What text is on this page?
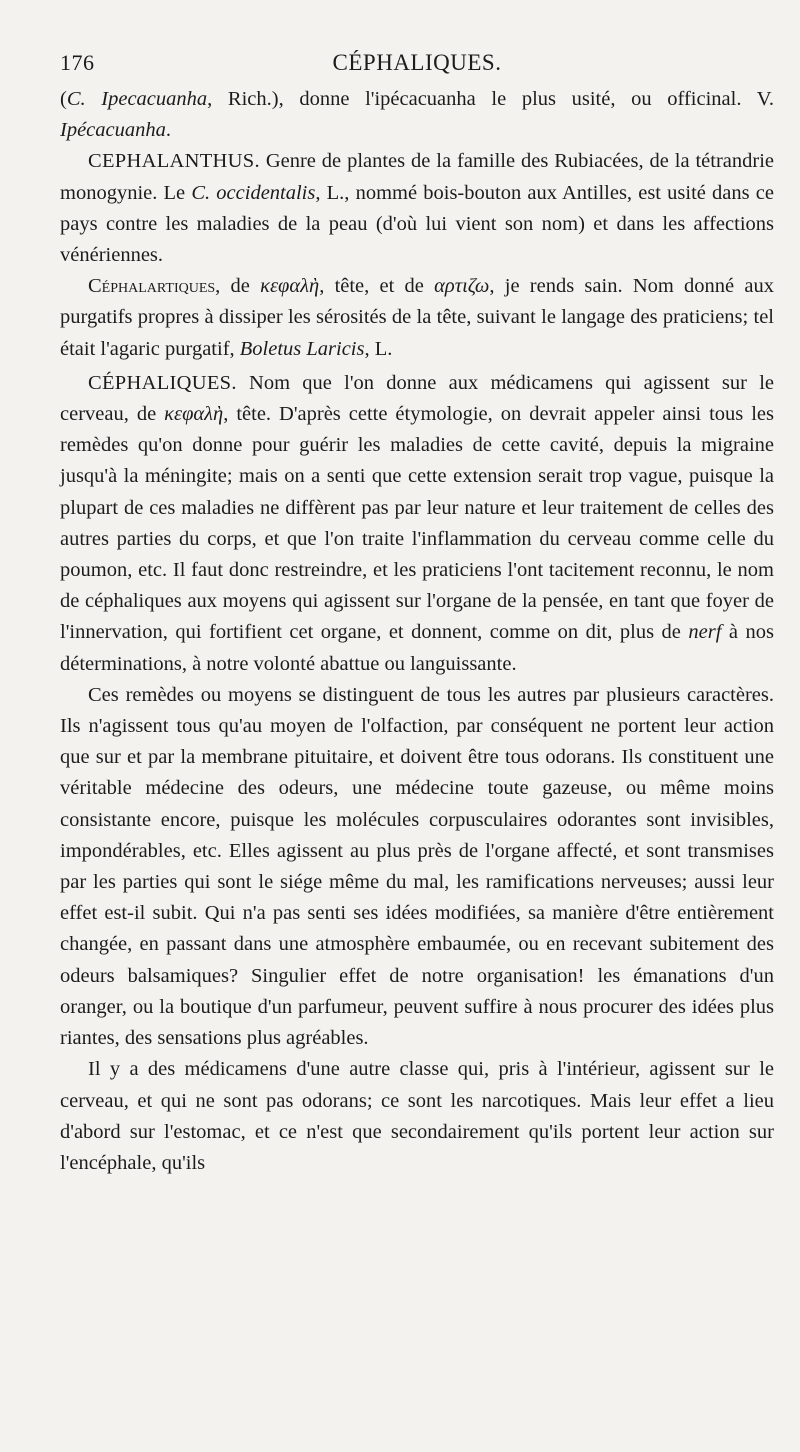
176	CÉPHALIQUES.

(C. Ipecacuanha, Rich.), donne l'ipécacuanha le plus usité, ou officinal. V. Ipécacuanha.

CEPHALANTHUS. Genre de plantes de la famille des Rubiacées, de la tétrandrie monogynie. Le C. occidentalis, L., nommé bois-bouton aux Antilles, est usité dans ce pays contre les maladies de la peau (d'où lui vient son nom) et dans les affections vénériennes.

Céphalartiques, de κεφαλὴ, tête, et de αρτιζω, je rends sain. Nom donné aux purgatifs propres à dissiper les sérosités de la tête, suivant le langage des praticiens; tel était l'agaric purgatif, Boletus Laricis, L.

CÉPHALIQUES. Nom que l'on donne aux médicamens qui agissent sur le cerveau, de κεφαλὴ, tête. D'après cette étymologie, on devrait appeler ainsi tous les remèdes qu'on donne pour guérir les maladies de cette cavité, depuis la migraine jusqu'à la méningite; mais on a senti que cette extension serait trop vague, puisque la plupart de ces maladies ne diffèrent pas par leur nature et leur traitement de celles des autres parties du corps, et que l'on traite l'inflammation du cerveau comme celle du poumon, etc. Il faut donc restreindre, et les praticiens l'ont tacitement reconnu, le nom de céphaliques aux moyens qui agissent sur l'organe de la pensée, en tant que foyer de l'innervation, qui fortifient cet organe, et donnent, comme on dit, plus de nerf à nos déterminations, à notre volonté abattue ou languissante.

Ces remèdes ou moyens se distinguent de tous les autres par plusieurs caractères. Ils n'agissent tous qu'au moyen de l'olfaction, par conséquent ne portent leur action que sur et par la membrane pituitaire, et doivent être tous odorans. Ils constituent une véritable médecine des odeurs, une médecine toute gazeuse, ou même moins consistante encore, puisque les molécules corpusculaires odorantes sont invisibles, impondérables, etc. Elles agissent au plus près de l'organe affecté, et sont transmises par les parties qui sont le siége même du mal, les ramifications nerveuses; aussi leur effet est-il subit. Qui n'a pas senti ses idées modifiées, sa manière d'être entièrement changée, en passant dans une atmosphère embaumée, ou en recevant subitement des odeurs balsamiques? Singulier effet de notre organisation! les émanations d'un oranger, ou la boutique d'un parfumeur, peuvent suffire à nous procurer des idées plus riantes, des sensations plus agréables.

Il y a des médicamens d'une autre classe qui, pris à l'intérieur, agissent sur le cerveau, et qui ne sont pas odorans; ce sont les narcotiques. Mais leur effet a lieu d'abord sur l'estomac, et ce n'est que secondairement qu'ils portent leur action sur l'encéphale, qu'ils
